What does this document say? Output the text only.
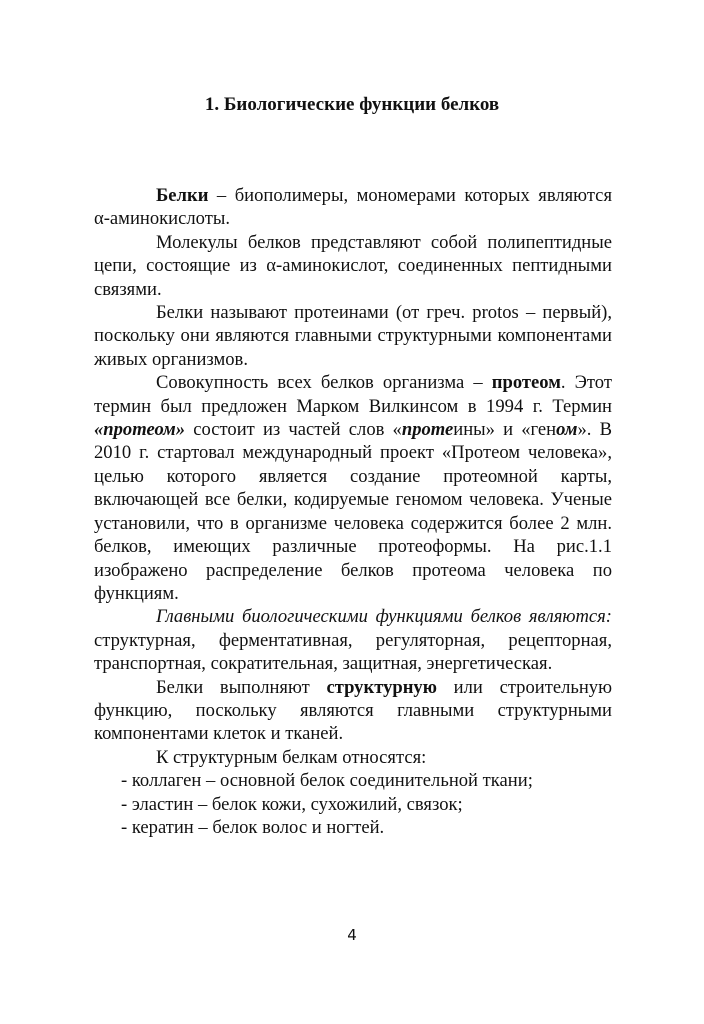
1. Биологические функции белков

Белки – биополимеры, мономерами которых являются α-аминокислоты.

Молекулы белков представляют собой полипептидные цепи, состоящие из α-аминокислот, соединенных пептидными связями.

Белки называют протеинами (от греч. protos – первый), поскольку они являются главными структурными компонентами живых организмов.

Совокупность всех белков организма – протеом. Этот термин был предложен Марком Вилкинсом в 1994 г. Термин «протеом» состоит из частей слов «протеины» и «геном». В 2010 г. стартовал международный проект «Протеом человека», целью которого является создание протеомной карты, включающей все белки, кодируемые геномом человека. Ученые установили, что в организме человека содержится более 2 млн. белков, имеющих различные протеоформы. На рис.1.1 изображено распределение белков протеома человека по функциям.

Главными биологическими функциями белков являются: структурная, ферментативная, регуляторная, рецепторная, транспортная, сократительная, защитная, энергетическая.

Белки выполняют структурную или строительную функцию, поскольку являются главными структурными компонентами клеток и тканей.

К структурным белкам относятся:

- коллаген – основной белок соединительной ткани;

- эластин – белок кожи, сухожилий, связок;

- кератин – белок волос и ногтей.

4
